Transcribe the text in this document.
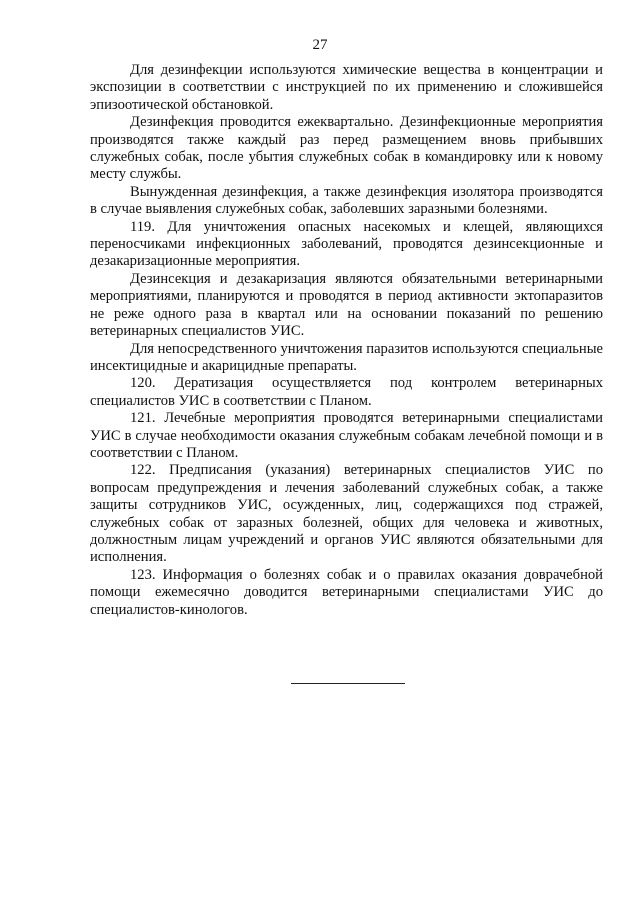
27

Для дезинфекции используются химические вещества в концентрации и экспозиции в соответствии с инструкцией по их применению и сложившейся эпизоотической обстановкой.

Дезинфекция проводится ежеквартально. Дезинфекционные мероприятия производятся также каждый раз перед размещением вновь прибывших служебных собак, после убытия служебных собак в командировку или к новому месту службы.

Вынужденная дезинфекция, а также дезинфекция изолятора производятся в случае выявления служебных собак, заболевших заразными болезнями.

119. Для уничтожения опасных насекомых и клещей, являющихся переносчиками инфекционных заболеваний, проводятся дезинсекционные и дезакаризационные мероприятия.

Дезинсекция и дезакаризация являются обязательными ветеринарными мероприятиями, планируются и проводятся в период активности эктопаразитов не реже одного раза в квартал или на основании показаний по решению ветеринарных специалистов УИС.

Для непосредственного уничтожения паразитов используются специальные инсектицидные и акарицидные препараты.

120. Дератизация осуществляется под контролем ветеринарных специалистов УИС в соответствии с Планом.

121. Лечебные мероприятия проводятся ветеринарными специалистами УИС в случае необходимости оказания служебным собакам лечебной помощи и в соответствии с Планом.

122. Предписания (указания) ветеринарных специалистов УИС по вопросам предупреждения и лечения заболеваний служебных собак, а также защиты сотрудников УИС, осужденных, лиц, содержащихся под стражей, служебных собак от заразных болезней, общих для человека и животных, должностным лицам учреждений и органов УИС являются обязательными для исполнения.

123. Информация о болезнях собак и о правилах оказания доврачебной помощи ежемесячно доводится ветеринарными специалистами УИС до специалистов-кинологов.
